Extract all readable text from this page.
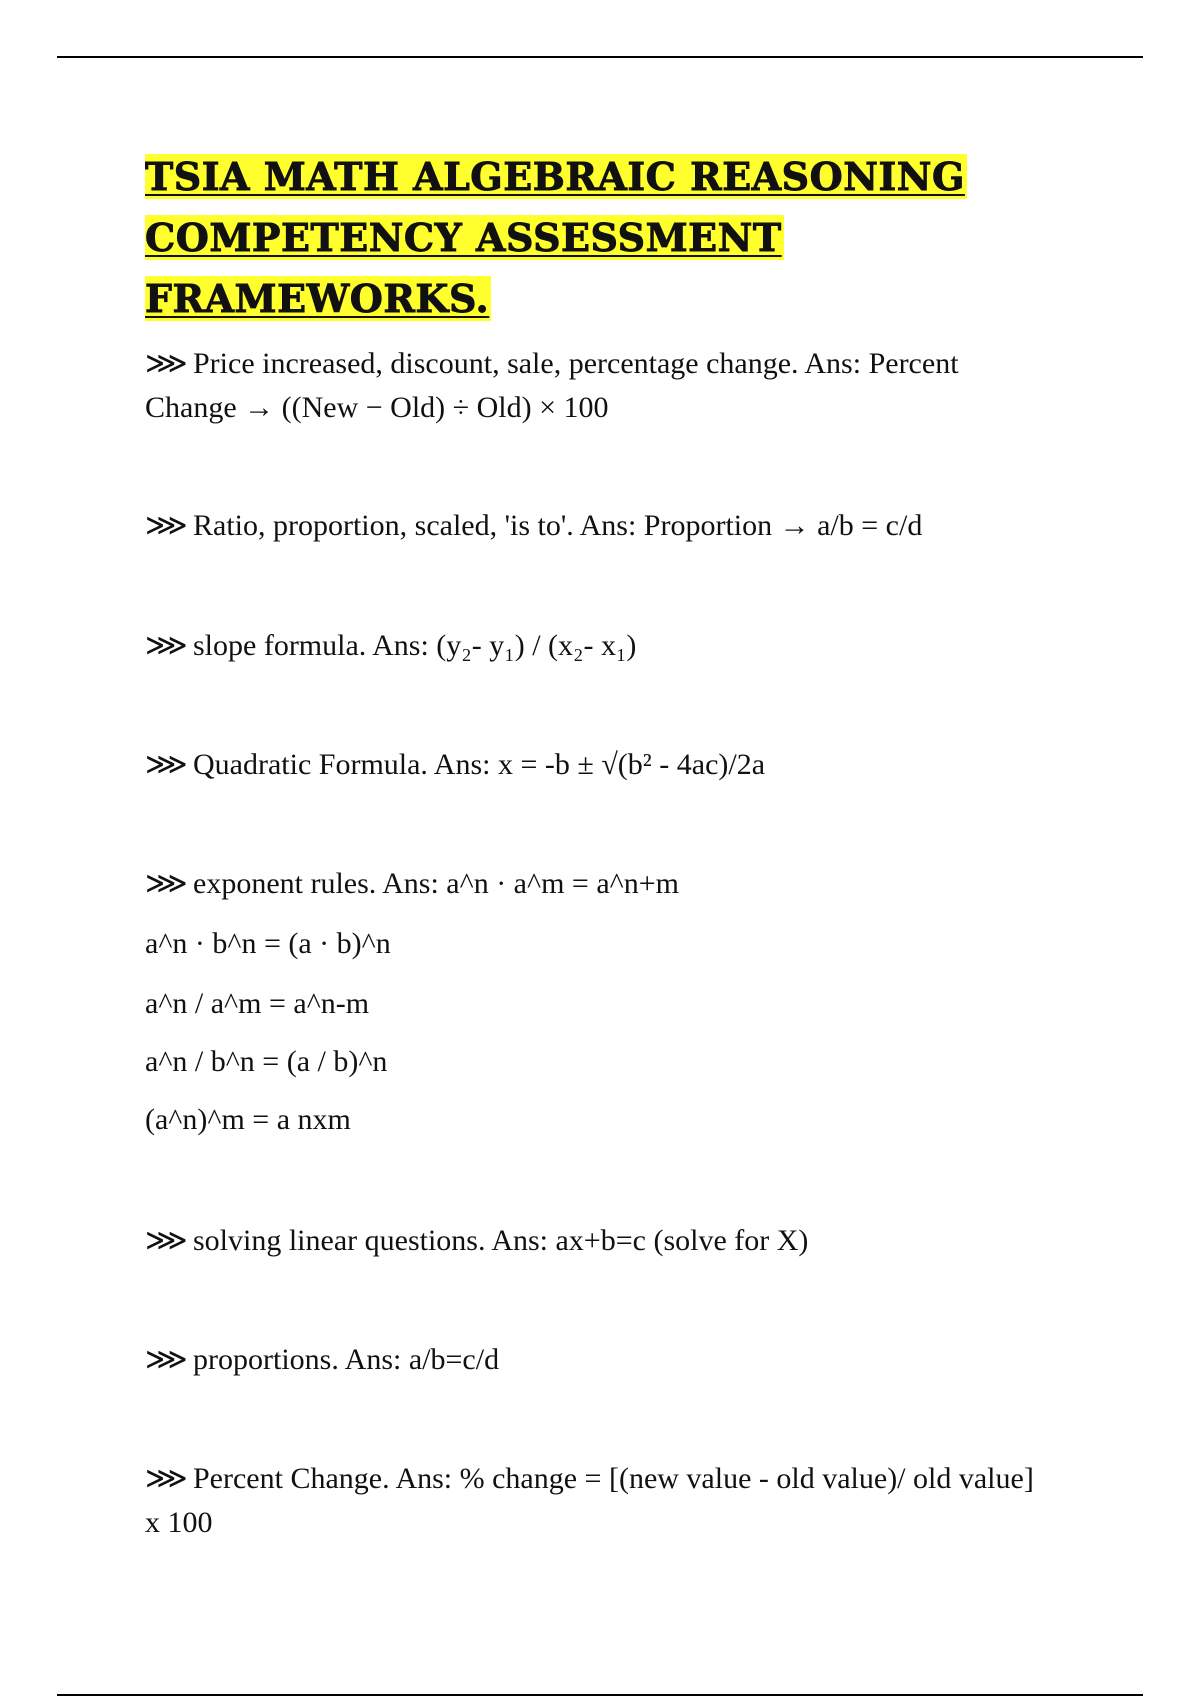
TSIA MATH ALGEBRAIC REASONING
COMPETENCY ASSESSMENT FRAMEWORKS.

⋙ Price increased, discount, sale, percentage change. Ans: Percent Change → ((New − Old) ÷ Old) × 100

⋙ Ratio, proportion, scaled, 'is to'. Ans: Proportion → a/b = c/d

⋙ slope formula. Ans: (y₂- y₁) / (x₂- x₁)

⋙ Quadratic Formula. Ans: x = -b ± √(b² - 4ac)/2a

⋙ exponent rules. Ans: a^n · a^m = a^n+m

a^n · b^n = (a · b)^n

a^n / a^m = a^n-m

a^n / b^n = (a / b)^n

(a^n)^m = a nxm

⋙ solving linear questions. Ans: ax+b=c (solve for X)

⋙ proportions. Ans: a/b=c/d

⋙ Percent Change. Ans: % change = [(new value - old value)/ old value] x 100
